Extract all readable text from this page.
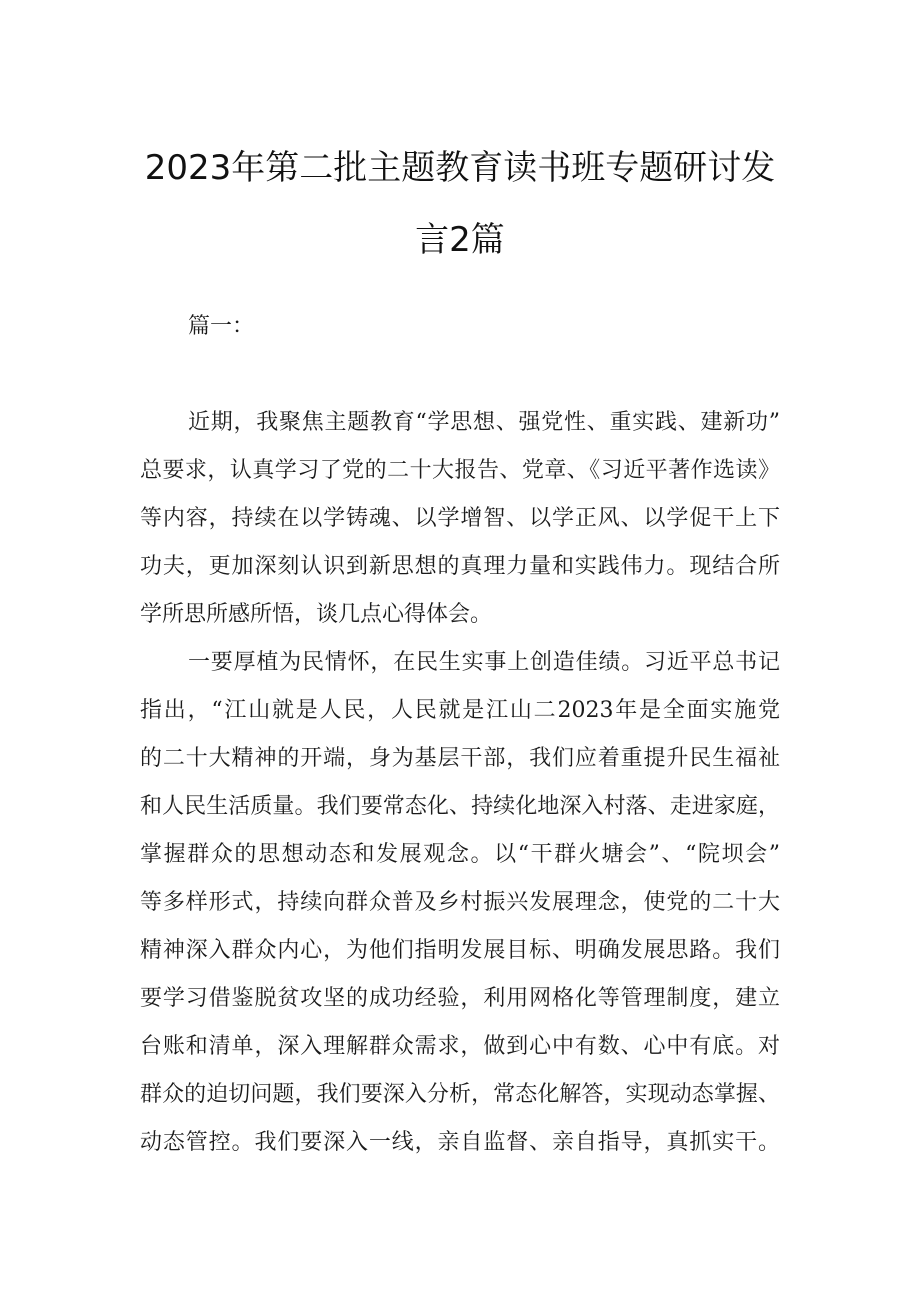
2023年第二批主题教育读书班专题研讨发
言2篇
篇一：
近期，我聚焦主题教育“学思想、强党性、重实践、建新功”
总要求，认真学习了党的二十大报告、党章、《习近平著作选读》
等内容，持续在以学铸魂、以学增智、以学正风、以学促干上下
功夫，更加深刻认识到新思想的真理力量和实践伟力。现结合所
学所思所感所悟，谈几点心得体会。
一要厚植为民情怀，在民生实事上创造佳绩。习近平总书记
指出，“江山就是人民，人民就是江山二2023年是全面实施党
的二十大精神的开端，身为基层干部，我们应着重提升民生福祉
和人民生活质量。我们要常态化、持续化地深入村落、走进家庭，
掌握群众的思想动态和发展观念。以“干群火塘会”、“院坝会”
等多样形式，持续向群众普及乡村振兴发展理念，使党的二十大
精神深入群众内心，为他们指明发展目标、明确发展思路。我们
要学习借鉴脱贫攻坚的成功经验，利用网格化等管理制度，建立
台账和清单，深入理解群众需求，做到心中有数、心中有底。对
群众的迫切问题，我们要深入分析，常态化解答，实现动态掌握、
动态管控。我们要深入一线，亲自监督、亲自指导，真抓实干。
